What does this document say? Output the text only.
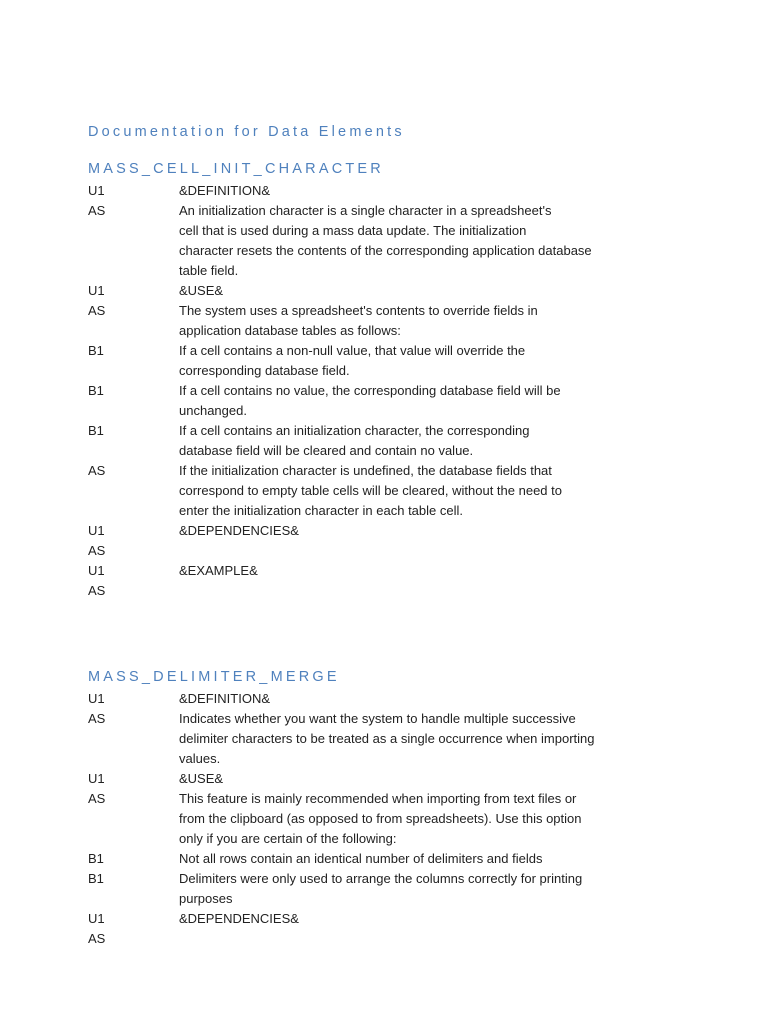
Documentation for Data Elements
MASS_CELL_INIT_CHARACTER
U1	&DEFINITION&
AS	An initialization character is a single character in a spreadsheet's
cell that is used during a mass data update. The initialization
character resets the contents of the corresponding application database
table field.
U1	&USE&
AS	The system uses a spreadsheet's contents to override fields in
application database tables as follows:
B1	If a cell contains a non-null value, that value will override the
corresponding database field.
B1	If a cell contains no value, the corresponding database field will be
unchanged.
B1	If a cell contains an initialization character, the corresponding
database field will be cleared and contain no value.
AS	If the initialization character is undefined, the database fields that
correspond to empty table cells will be cleared, without the need to
enter the initialization character in each table cell.
U1	&DEPENDENCIES&
AS
U1	&EXAMPLE&
AS
MASS_DELIMITER_MERGE
U1	&DEFINITION&
AS	Indicates whether you want the system to handle multiple successive
delimiter characters to be treated as a single occurrence when importing
values.
U1	&USE&
AS	This feature is mainly recommended when importing from text files or
from the clipboard (as opposed to from spreadsheets). Use this option
only if you are certain of the following:
B1	Not all rows contain an identical number of delimiters and fields
B1	Delimiters were only used to arrange the columns correctly for printing
purposes
U1	&DEPENDENCIES&
AS
